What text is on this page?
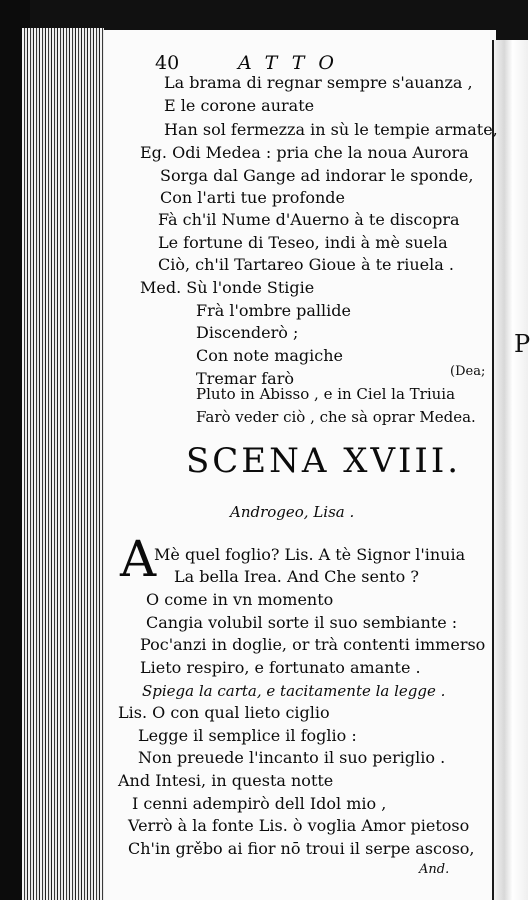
P
40	ATTO
La brama di regnar sempre s'auanza ,
E le corone aurate
Han sol fermezza in sù le tempie armate,
Eg. Odi Medea : pria che la noua Aurora
Sorga dal Gange ad indorar le sponde,
Con l'arti tue profonde
Fà ch'il Nume d'Auerno à te discopra
Le fortune di Teseo, indi à mè suela
Ciò, ch'il Tartareo Gioue à te riuela .
Med. Sù l'onde Stigie
Frà l'ombre pallide
Discenderò ;
Con note magiche
Tremar farò	(Dea;
Pluto in Abisso , e in Ciel la Triuia
Farò veder ciò , che sà oprar Medea.
SCENA XVIII.
Androgeo, Lisa .
A
Mè quel foglio? Lis. A tè Signor l'inuia
La bella Irea. And Che sento ?
O come in vn momento
Cangia volubil sorte il suo sembiante :
Poc'anzi in doglie, or trà contenti immerso
Lieto respiro, e fortunato amante .
Spiega la carta, e tacitamente la legge .
Lis. O con qual lieto ciglio
Legge il semplice il foglio :
Non preuede l'incanto il suo periglio .
And Intesi, in questa notte
I cenni adempirò dell Idol mio ,
Verrò à la fonte Lis. ò voglia Amor pietoso
Ch'in grěbo ai fior nō troui il serpe ascoso,
And.
